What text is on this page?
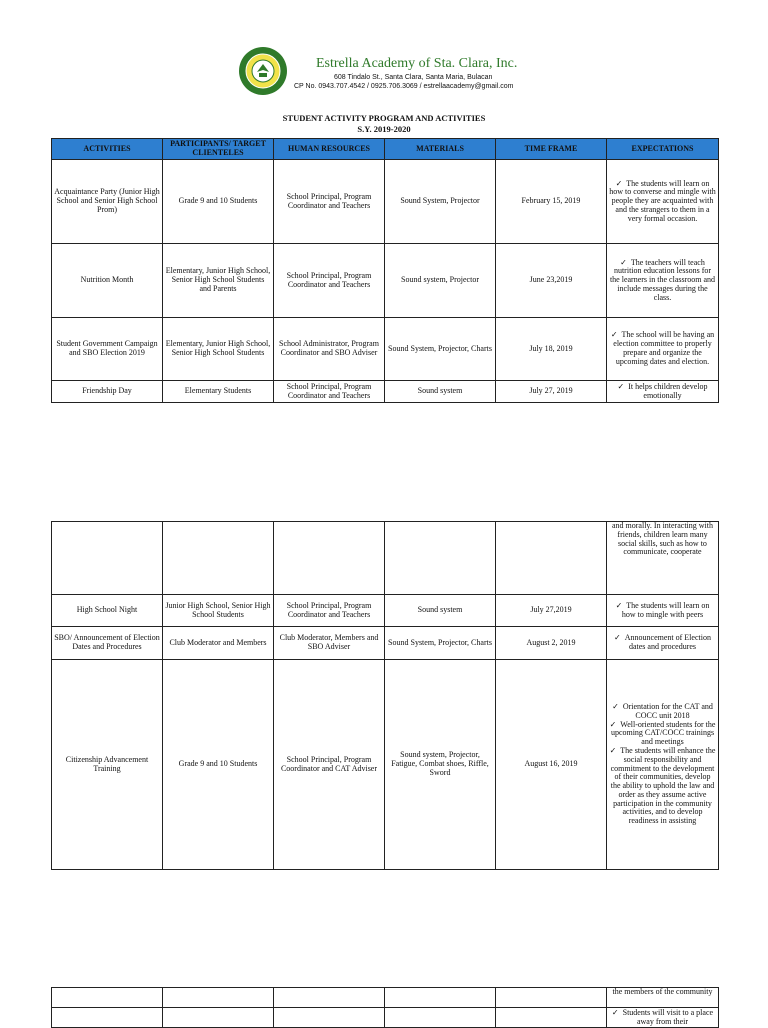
Estrella Academy of Sta. Clara, Inc.
608 Tindalo St., Santa Clara, Santa Maria, Bulacan
CP No. 0943.707.4542 / 0925.706.3069 / estrellaacademy@gmail.com
STUDENT ACTIVITY PROGRAM AND ACTIVITIES
S.Y. 2019-2020
ACTIVITIES	PARTICIPANTS/ TARGET CLIENTELES	HUMAN RESOURCES	MATERIALS	TIME FRAME	EXPECTATIONS
Acquaintance Party (Junior High School and Senior High School Prom)	Grade 9 and 10 Students	School Principal, Program Coordinator and Teachers	Sound System, Projector	February 15, 2019	✓ The students will learn on how to converse and mingle with people they are acquainted with and the strangers to them in a very formal occasion.
Nutrition Month	Elementary, Junior High School, Senior High School Students and Parents	School Principal, Program Coordinator and Teachers	Sound system, Projector	June 23,2019	✓ The teachers will teach nutrition education lessons for the learners in the classroom and include messages during the class.
Student Government Campaign and SBO Election 2019	Elementary, Junior High School, Senior High School Students	School Administrator, Program Coordinator and SBO Adviser	Sound System, Projector, Charts	July 18, 2019	✓ The school will be having an election committee to properly prepare and organize the upcoming dates and election.
Friendship Day	Elementary Students	School Principal, Program Coordinator and Teachers	Sound system	July 27, 2019	✓ It helps children develop emotionally
					and morally. In interacting with friends, children learn many social skills, such as how to communicate, cooperate
High School Night	Junior High School, Senior High School Students	School Principal, Program Coordinator and Teachers	Sound system	July 27,2019	✓ The students will learn on how to mingle with peers
SBO/ Announcement of Election Dates and Procedures	Club Moderator and Members	Club Moderator, Members and SBO Adviser	Sound System, Projector, Charts	August 2, 2019	✓ Announcement of Election dates and procedures
Citizenship Advancement Training	Grade 9 and 10 Students	School Principal, Program Coordinator and CAT Adviser	Sound system, Projector, Fatigue, Combat shoes, Riffle, Sword	August 16, 2019	✓ Orientation for the CAT and COCC unit 2018
✓ Well-oriented students for the upcoming CAT/COCC trainings and meetings
✓ The students will enhance the social responsibility and commitment to the development of their communities, develop the ability to uphold the law and order as they assume active participation in the community activities, and to develop readiness in assisting
					the members of the community
					✓ Students will visit to a place away from their
